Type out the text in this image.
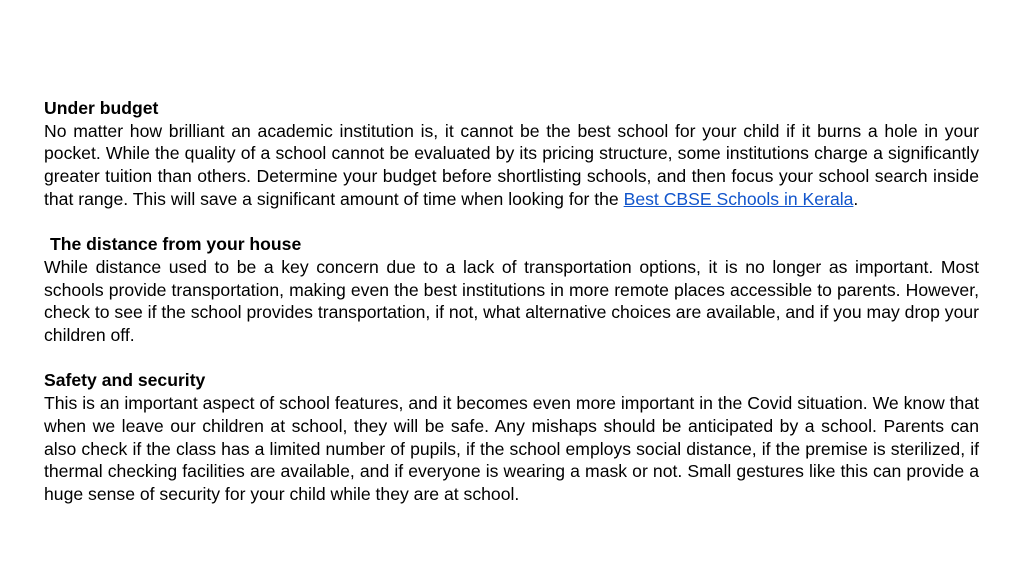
Under budget

No matter how brilliant an academic institution is, it cannot be the best school for your child if it burns a hole in your pocket. While the quality of a school cannot be evaluated by its pricing structure, some institutions charge a significantly greater tuition than others. Determine your budget before shortlisting schools, and then focus your school search inside that range. This will save a significant amount of time when looking for the Best CBSE Schools in Kerala.

The distance from your house

While distance used to be a key concern due to a lack of transportation options, it is no longer as important. Most schools provide transportation, making even the best institutions in more remote places accessible to parents. However, check to see if the school provides transportation, if not, what alternative choices are available, and if you may drop your children off.

Safety and security

This is an important aspect of school features, and it becomes even more important in the Covid situation. We know that when we leave our children at school, they will be safe. Any mishaps should be anticipated by a school. Parents can also check if the class has a limited number of pupils, if the school employs social distance, if the premise is sterilized, if thermal checking facilities are available, and if everyone is wearing a mask or not. Small gestures like this can provide a huge sense of security for your child while they are at school.
